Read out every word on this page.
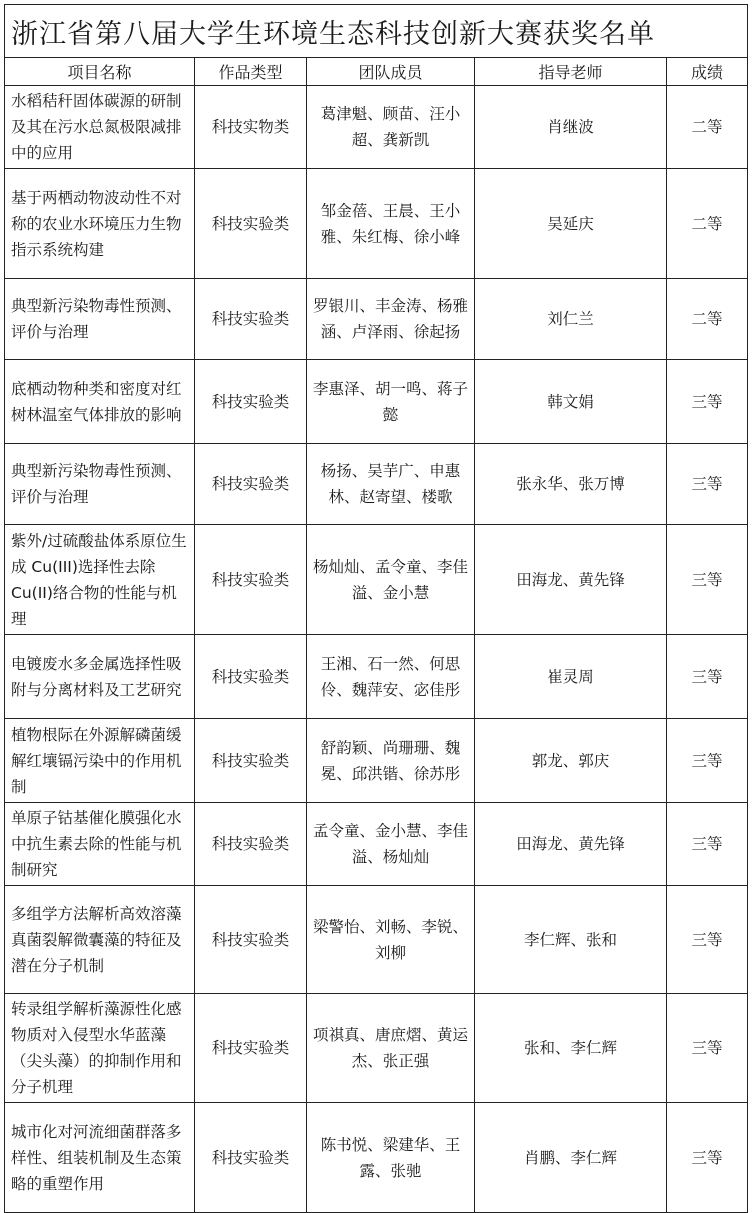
浙江省第八届大学生环境生态科技创新大赛获奖名单				
项目名称	作品类型	团队成员	指导老师	成绩
水稻秸秆固体碳源的研制及其在污水总氮极限减排中的应用	科技实物类	葛津魁、顾苗、汪小超、龚新凯	肖继波	二等
基于两栖动物波动性不对称的农业水环境压力生物指示系统构建	科技实验类	邹金蓓、王晨、王小雅、朱红梅、徐小峰	吴延庆	二等
典型新污染物毒性预测、评价与治理	科技实验类	罗银川、丰金涛、杨雅涵、卢泽雨、徐起扬	刘仁兰	二等
底栖动物种类和密度对红树林温室气体排放的影响	科技实验类	李惠泽、胡一鸣、蒋子懿	韩文娟	三等
典型新污染物毒性预测、评价与治理	科技实验类	杨扬、吴芋广、申惠林、赵寄望、楼歌	张永华、张万博	三等
紫外/过硫酸盐体系原位生成 Cu(III)选择性去除 Cu(II)络合物的性能与机理	科技实验类	杨灿灿、孟令童、李佳溢、金小慧	田海龙、黄先锋	三等
电镀废水多金属选择性吸附与分离材料及工艺研究	科技实验类	王湘、石一然、何思伶、魏萍安、宓佳彤	崔灵周	三等
植物根际在外源解磷菌缓解红壤镉污染中的作用机制	科技实验类	舒韵颖、尚珊珊、魏冕、邱洪锴、徐苏彤	郭龙、郭庆	三等
单原子钴基催化膜强化水中抗生素去除的性能与机制研究	科技实验类	孟令童、金小慧、李佳溢、杨灿灿	田海龙、黄先锋	三等
多组学方法解析高效溶藻真菌裂解微囊藻的特征及潜在分子机制	科技实验类	梁警怡、刘畅、李锐、刘柳	李仁辉、张和	三等
转录组学解析藻源性化感物质对入侵型水华蓝藻（尖头藻）的抑制作用和分子机理	科技实验类	项祺真、唐庶熠、黄运杰、张正强	张和、李仁辉	三等
城市化对河流细菌群落多样性、组装机制及生态策略的重塑作用	科技实验类	陈书悦、梁建华、王露、张驰	肖鹏、李仁辉	三等
